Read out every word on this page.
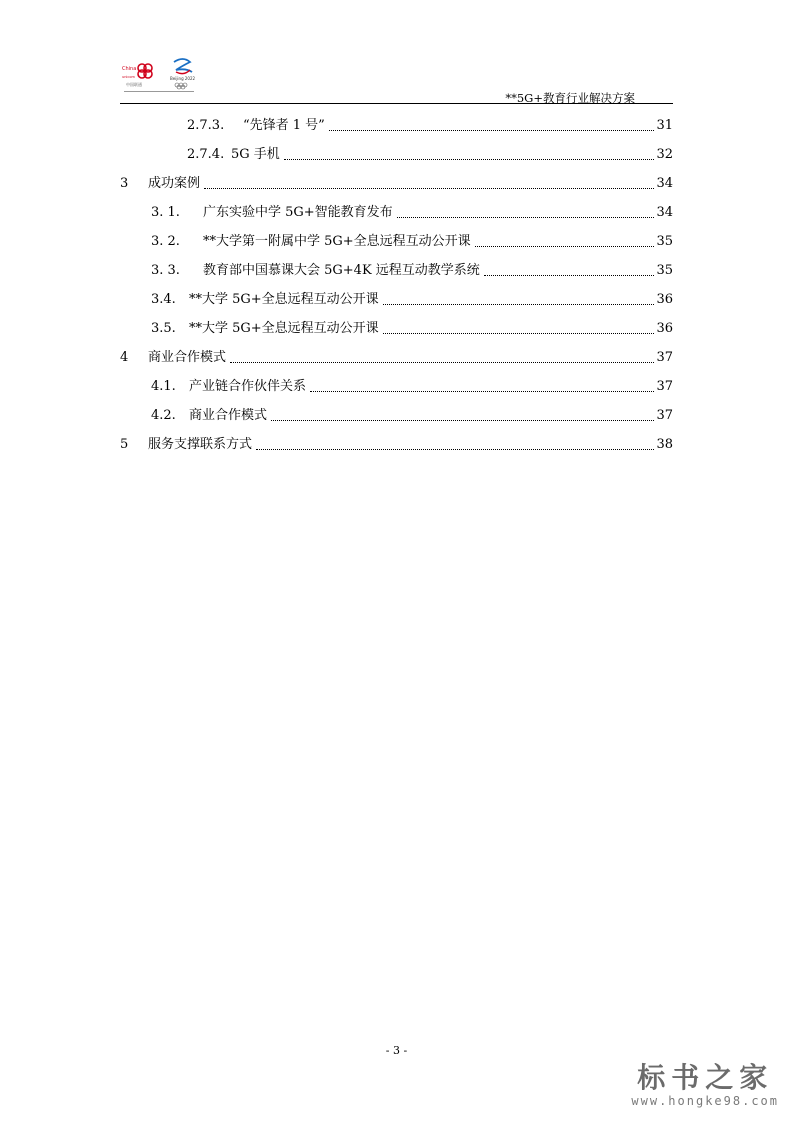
China
unicom
中国联通
Beijing 2022
**5G+教育行业解决方案
2.7.3.	“先锋者 1 号”	31
2.7.4. 5G 手机	32
3	成功案例	34
3. 1.	广东实验中学 5G+智能教育发布	34
3. 2.	**大学第一附属中学 5G+全息远程互动公开课	35
3. 3.	教育部中国慕课大会 5G+4K 远程互动教学系统	35
3.4.	**大学 5G+全息远程互动公开课	36
3.5.	**大学 5G+全息远程互动公开课	36
4	商业合作模式	37
4.1.	产业链合作伙伴关系	37
4.2.	商业合作模式	37
5	服务支撑联系方式	38
- 3 -
标书之家
www.hongke98.com
